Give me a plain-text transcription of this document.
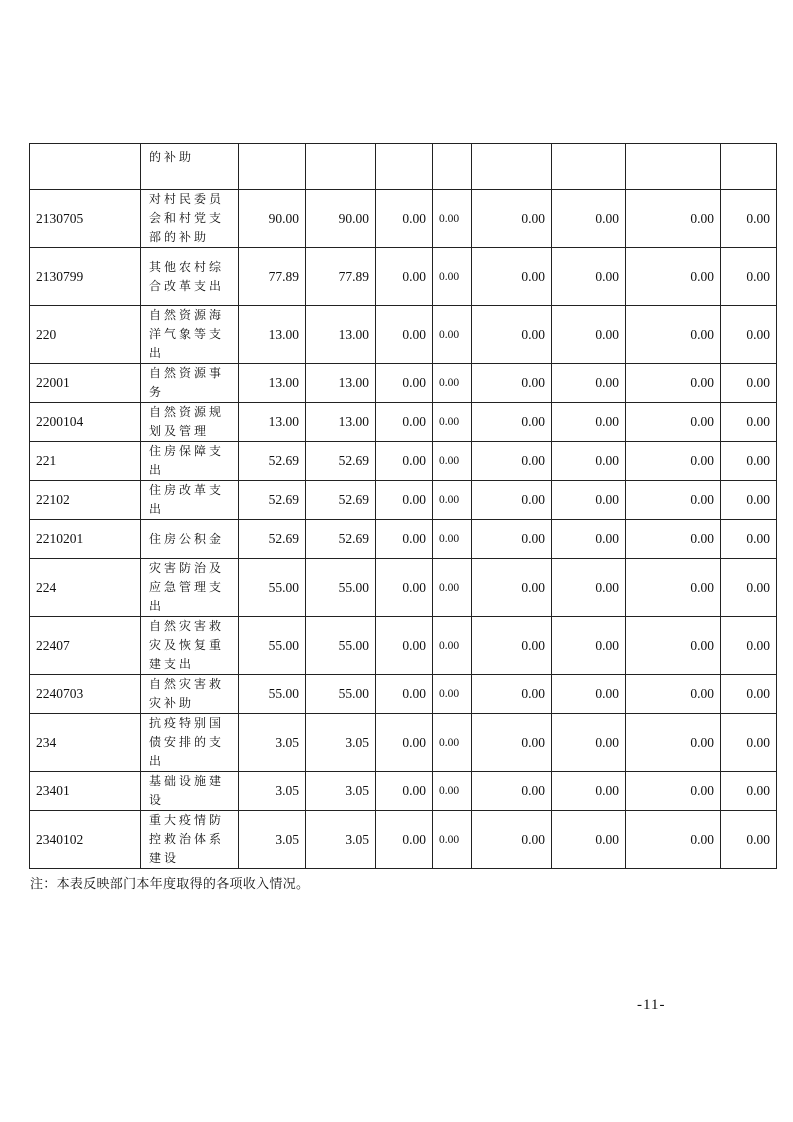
	的补助								
2130705	对村民委员会和村党支部的补助	90.00	90.00	0.00	0.00	0.00	0.00	0.00	0.00
2130799	其他农村综合改革支出	77.89	77.89	0.00	0.00	0.00	0.00	0.00	0.00
220	自然资源海洋气象等支出	13.00	13.00	0.00	0.00	0.00	0.00	0.00	0.00
22001	自然资源事务	13.00	13.00	0.00	0.00	0.00	0.00	0.00	0.00
2200104	自然资源规划及管理	13.00	13.00	0.00	0.00	0.00	0.00	0.00	0.00
221	住房保障支出	52.69	52.69	0.00	0.00	0.00	0.00	0.00	0.00
22102	住房改革支出	52.69	52.69	0.00	0.00	0.00	0.00	0.00	0.00
2210201	住房公积金	52.69	52.69	0.00	0.00	0.00	0.00	0.00	0.00
224	灾害防治及应急管理支出	55.00	55.00	0.00	0.00	0.00	0.00	0.00	0.00
22407	自然灾害救灾及恢复重建支出	55.00	55.00	0.00	0.00	0.00	0.00	0.00	0.00
2240703	自然灾害救灾补助	55.00	55.00	0.00	0.00	0.00	0.00	0.00	0.00
234	抗疫特别国债安排的支出	3.05	3.05	0.00	0.00	0.00	0.00	0.00	0.00
23401	基础设施建设	3.05	3.05	0.00	0.00	0.00	0.00	0.00	0.00
2340102	重大疫情防控救治体系建设	3.05	3.05	0.00	0.00	0.00	0.00	0.00	0.00
注：本表反映部门本年度取得的各项收入情况。
-11-
